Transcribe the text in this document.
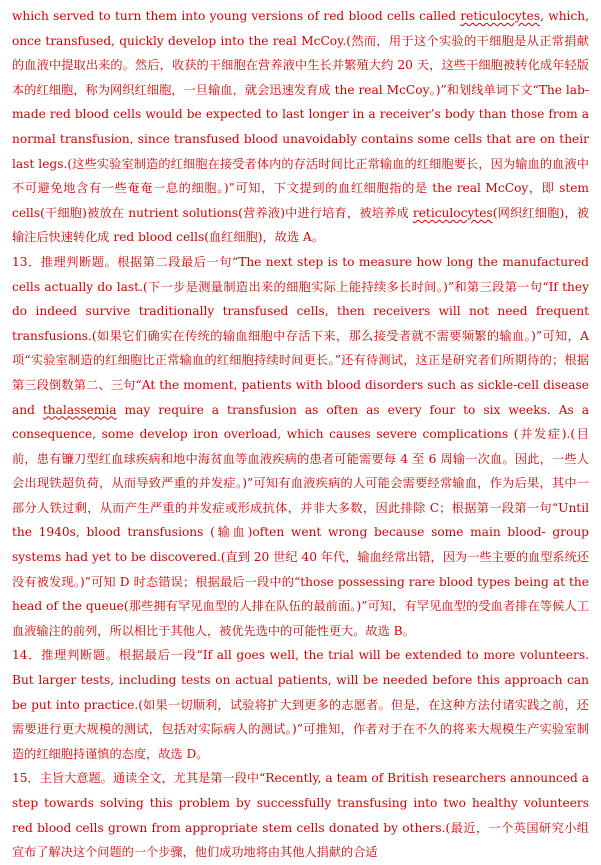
which served to turn them into young versions of red blood cells called reticulocytes, which, once transfused, quickly develop into the real McCoy.(然而，用于这个实验的干细胞是从正常捐献的血液中提取出来的。然后，收获的干细胞在营养液中生长并繁殖大约 20 天，这些干细胞被转化成年轻版本的红细胞，称为网织红细胞，一旦输血，就会迅速发育成 the real McCoy。)”和划线单词下文“The lab-made red blood cells would be expected to last longer in a receiver’s body than those from a normal transfusion, since transfused blood unavoidably contains some cells that are on their last legs.(这些实验室制造的红细胞在接受者体内的存活时间比正常输血的红细胞要长，因为输血的血液中不可避免地含有一些奄奄一息的细胞。)”可知，下文提到的血红细胞指的是 the real McCoy，即 stem cells(干细胞)被放在 nutrient solutions(营养液)中进行培育，被培养成 reticulocytes(网织红细胞)，被输注后快速转化成 red blood cells(血红细胞)，故选 A。
13．推理判断题。根据第二段最后一句“The next step is to measure how long the manufactured cells actually do last.(下一步是测量制造出来的细胞实际上能持续多长时间。)”和第三段第一句“If they do indeed survive traditionally transfused cells, then receivers will not need frequent transfusions.(如果它们确实在传统的输血细胞中存活下来，那么接受者就不需要频繁的输血。)”可知，A 项“实验室制造的红细胞比正常输血的红细胞持续时间更长。”还有待测试，这正是研究者们所期待的；根据第三段倒数第二、三句“At the moment, patients with blood disorders such as sickle-cell disease and thalassemia may require a transfusion as often as every four to six weeks. As a consequence, some develop iron overload, which causes severe complications (并发症).(目前，患有镰刀型红血球疾病和地中海贫血等血液疾病的患者可能需要每 4 至 6 周输一次血。因此，一些人会出现铁超负荷，从而导致严重的并发症。)”可知有血液疾病的人可能会需要经常输血，作为后果，其中一部分人铁过剩，从而产生严重的并发症或形成抗体，并非大多数，因此排除 C；根据第一段第一句“Until the 1940s, blood transfusions (输血)often went wrong because some main blood- group systems had yet to be discovered.(直到 20 世纪 40 年代，输血经常出错，因为一些主要的血型系统还没有被发现。)”可知 D 时态错误；根据最后一段中的“those possessing rare blood types being at the head of the queue(那些拥有罕见血型的人排在队伍的最前面。)”可知，有罕见血型的受血者排在等候人工血液输注的前列，所以相比于其他人，被优先选中的可能性更大。故选 B。
14．推理判断题。根据最后一段“If all goes well, the trial will be extended to more volunteers. But larger tests, including tests on actual patients, will be needed before this approach can be put into practice.(如果一切顺利，试验将扩大到更多的志愿者。但是，在这种方法付诸实践之前，还需要进行更大规模的测试，包括对实际病人的测试。)”可推知，作者对于在不久的将来大规模生产实验室制造的红细胞持谨慎的态度，故选 D。
15．主旨大意题。通读全文，尤其是第一段中“Recently, a team of British researchers announced a step towards solving this problem by successfully transfusing into two healthy volunteers red blood cells grown from appropriate stem cells donated by others.(最近，一个英国研究小组宣布了解决这个问题的一个步骤，他们成功地将由其他人捐献的合适
